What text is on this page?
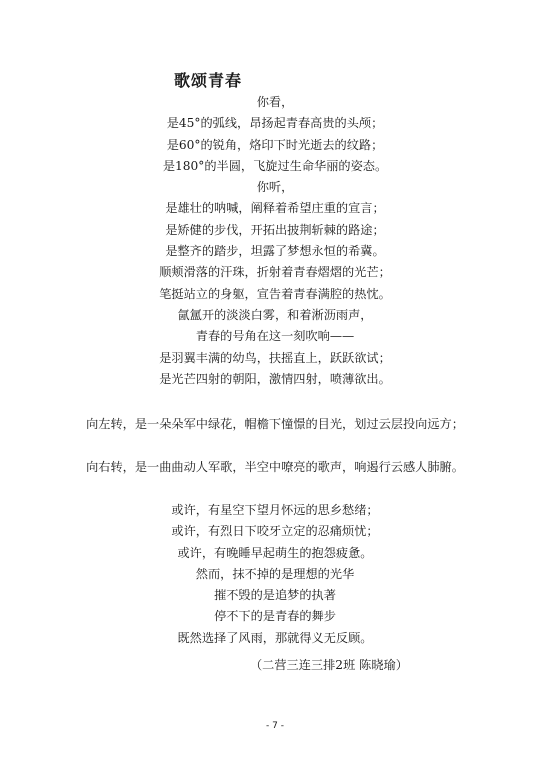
歌颂青春
你看，
是45°的弧线，昂扬起青春高贵的头颅；
是60°的锐角，烙印下时光逝去的纹路；
是180°的半圆，飞旋过生命华丽的姿态。
你听，
是雄壮的呐喊，阐释着希望庄重的宣言；
是矫健的步伐，开拓出披荆斩棘的路途；
是整齐的踏步，坦露了梦想永恒的希冀。
顺颊滑落的汗珠，折射着青春熠熠的光芒；
笔挺站立的身躯，宣告着青春满腔的热忱。
氤氲开的淡淡白雾，和着淅沥雨声，
青春的号角在这一刻吹响——
是羽翼丰满的幼鸟，扶摇直上，跃跃欲试；
是光芒四射的朝阳，激情四射，喷薄欲出。
向左转，是一朵朵军中绿花，帽檐下憧憬的目光，划过云层投向远方；
向右转，是一曲曲动人军歌，半空中嘹亮的歌声，响遏行云感人肺腑。
或许，有星空下望月怀远的思乡愁绪；
或许，有烈日下咬牙立定的忍痛烦忧；
或许，有晚睡早起萌生的抱怨疲惫。
然而，抹不掉的是理想的光华
摧不毁的是追梦的执著
停不下的是青春的舞步
既然选择了风雨，那就得义无反顾。
（二营三连三排2班 陈晓瑜）
- 7 -
